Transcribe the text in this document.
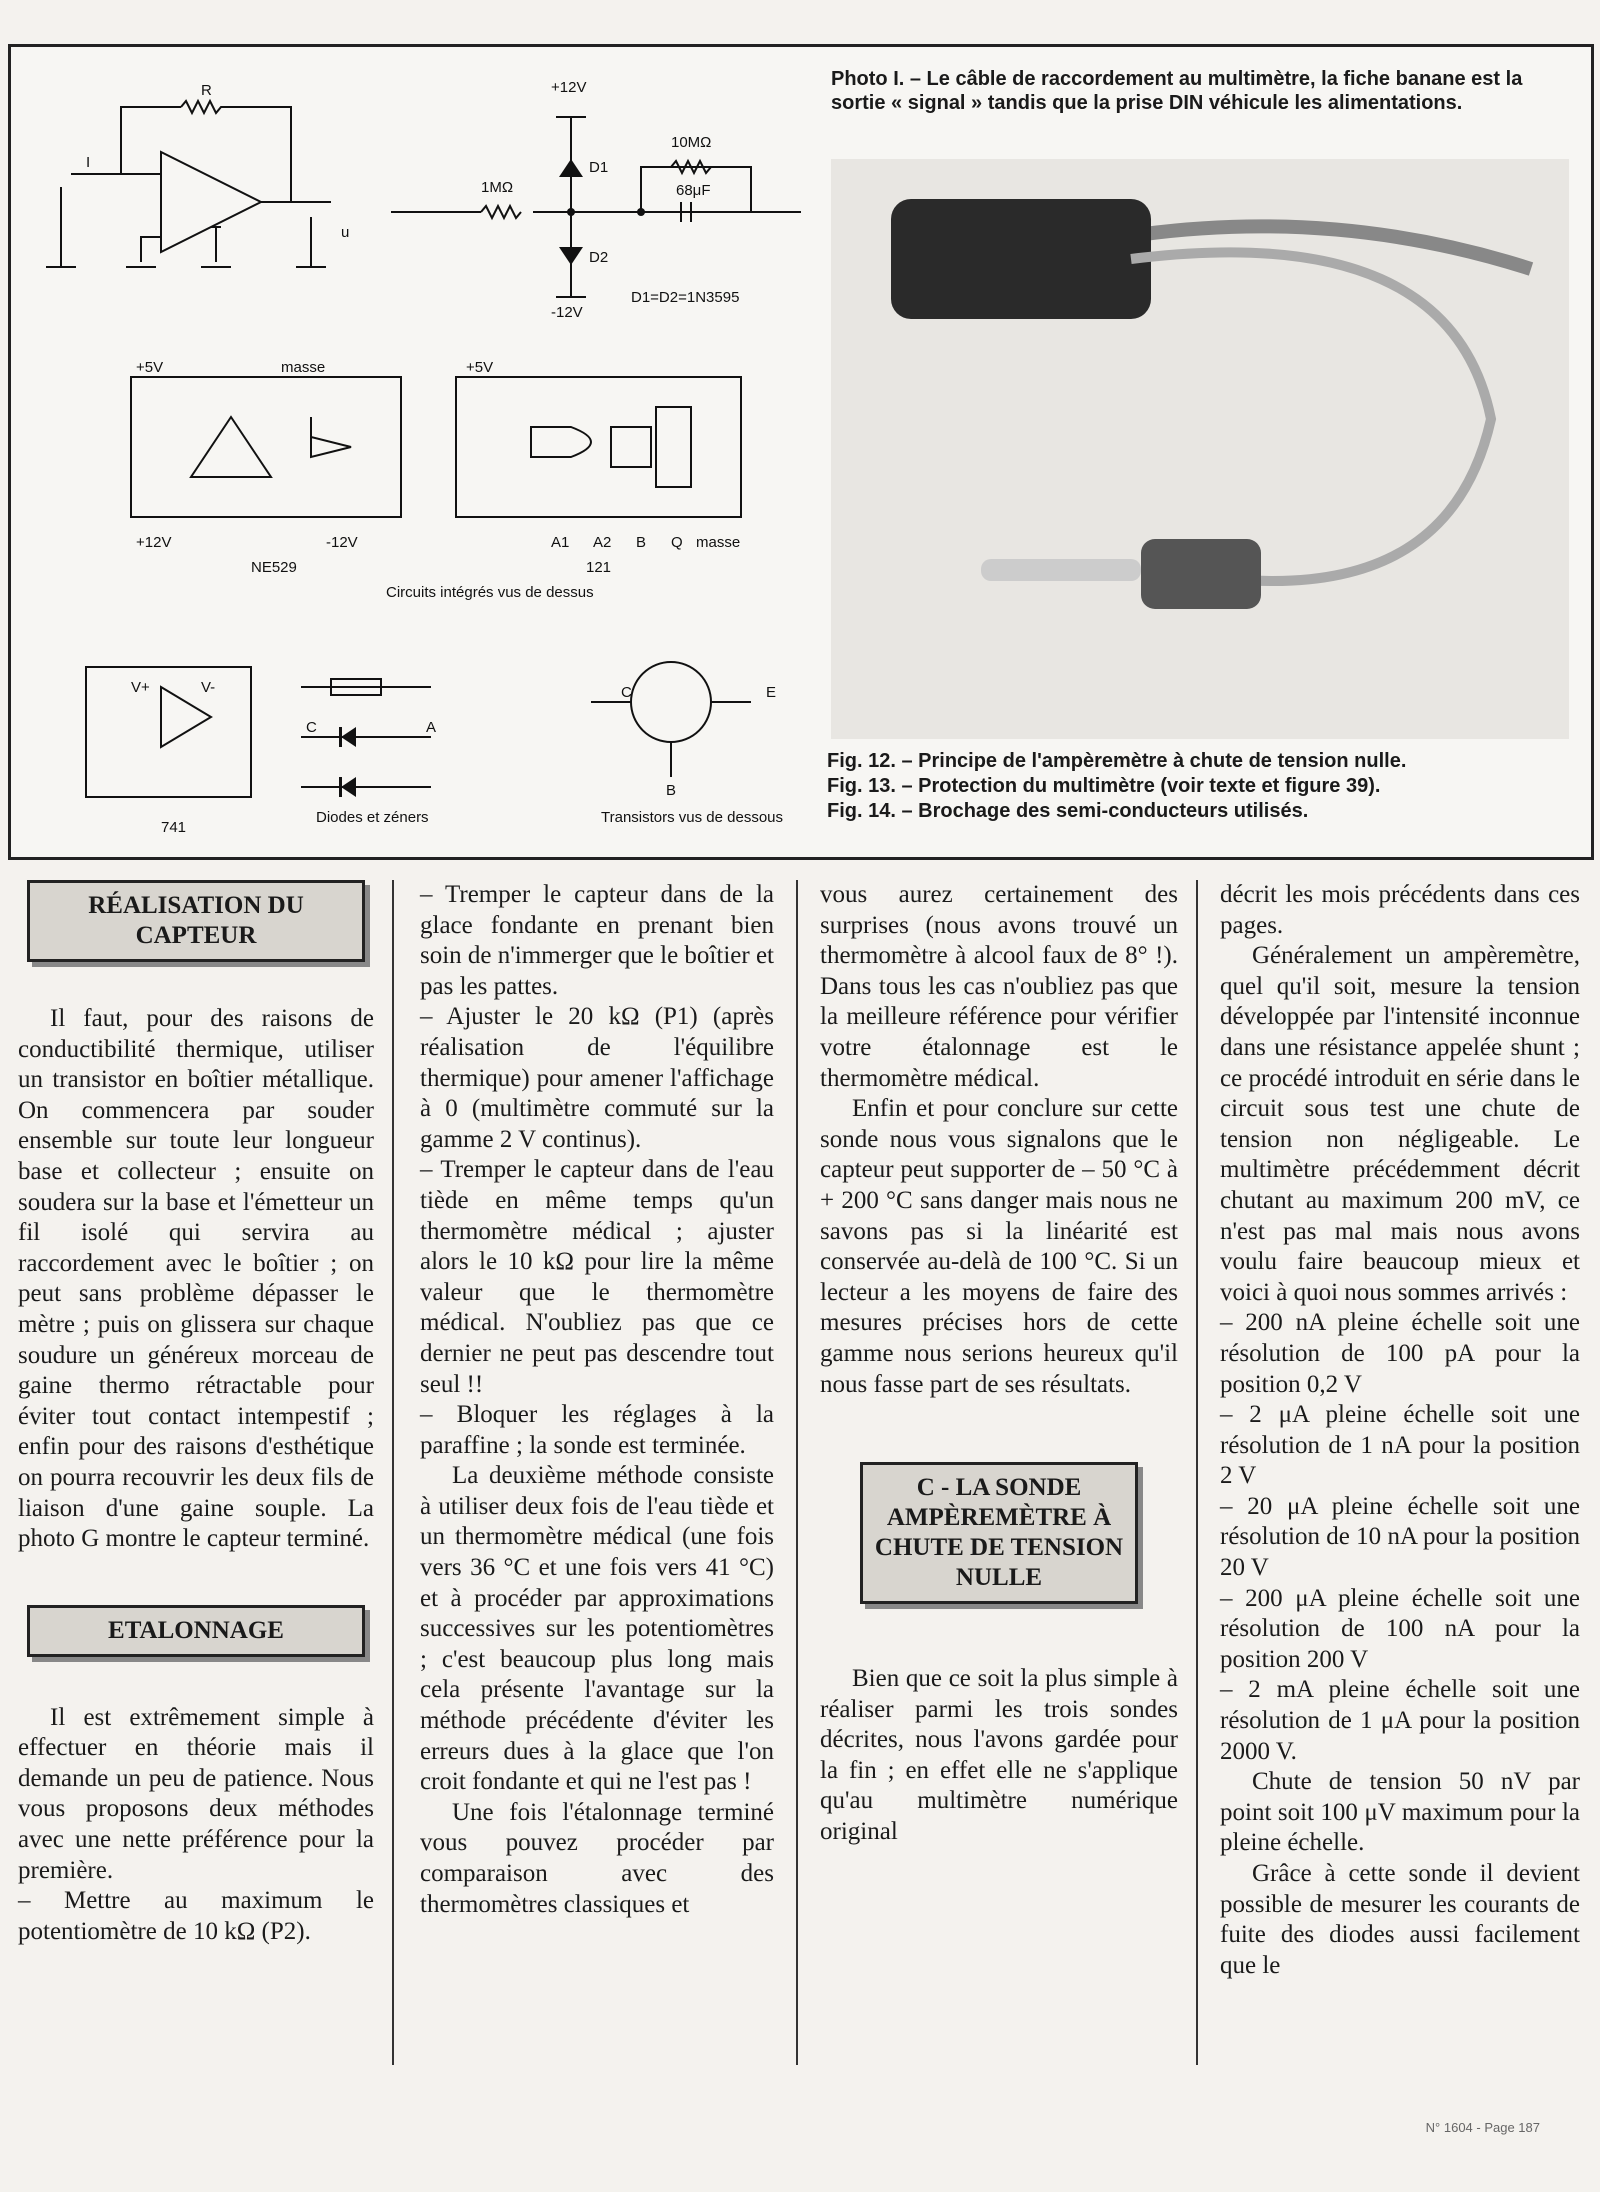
R
I
u
+12V
-12V
1MΩ
10MΩ
68μF
D1
D2
D1=D2=1N3595
+5V	masse
+12V	-12V
NE529
+5V
A1 A2 B Q masse
121
Circuits intégrés vus de dessus
V+	V-
741
C	A
Diodes et zéners
C	E
B
Transistors vus de dessous
Photo I. – Le câble de raccordement au multimètre, la fiche banane est la sortie « signal » tandis que la prise DIN véhicule les alimentations.
Fig. 12. – Principe de l'ampèremètre à chute de tension nulle.
Fig. 13. – Protection du multimètre (voir texte et figure 39).
Fig. 14. – Brochage des semi-conducteurs utilisés.
RÉALISATION DU CAPTEUR

Il faut, pour des raisons de conductibilité thermique, utiliser un transistor en boîtier métallique. On commencera par souder ensemble sur toute leur longueur base et collecteur ; ensuite on soudera sur la base et l'émetteur un fil isolé qui servira au raccordement avec le boîtier ; on peut sans problème dépasser le mètre ; puis on glissera sur chaque soudure un généreux morceau de gaine thermo rétractable pour éviter tout contact intempestif ; enfin pour des raisons d'esthétique on pourra recouvrir les deux fils de liaison d'une gaine souple. La photo G montre le capteur terminé.

ETALONNAGE

Il est extrêmement simple à effectuer en théorie mais il demande un peu de patience. Nous vous proposons deux méthodes avec une nette préférence pour la première.

– Mettre au maximum le potentiomètre de 10 kΩ (P2).

– Tremper le capteur dans de la glace fondante en prenant bien soin de n'immerger que le boîtier et pas les pattes.

– Ajuster le 20 kΩ (P1) (après réalisation de l'équilibre thermique) pour amener l'affichage à 0 (multimètre commuté sur la gamme 2 V continus).

– Tremper le capteur dans de l'eau tiède en même temps qu'un thermomètre médical ; ajuster alors le 10 kΩ pour lire la même valeur que le thermomètre médical. N'oubliez pas que ce dernier ne peut pas descendre tout seul !!

– Bloquer les réglages à la paraffine ; la sonde est terminée.

La deuxième méthode consiste à utiliser deux fois de l'eau tiède et un thermomètre médical (une fois vers 36 °C et une fois vers 41 °C) et à procéder par approximations successives sur les potentiomètres ; c'est beaucoup plus long mais cela présente l'avantage sur la méthode précédente d'éviter les erreurs dues à la glace que l'on croit fondante et qui ne l'est pas !

Une fois l'étalonnage terminé vous pouvez procéder par comparaison avec des thermomètres classiques et

vous aurez certainement des surprises (nous avons trouvé un thermomètre à alcool faux de 8° !). Dans tous les cas n'oubliez pas que la meilleure référence pour vérifier votre étalonnage est le thermomètre médical.

Enfin et pour conclure sur cette sonde nous vous signalons que le capteur peut supporter de – 50 °C à + 200 °C sans danger mais nous ne savons pas si la linéarité est conservée au-delà de 100 °C. Si un lecteur a les moyens de faire des mesures précises hors de cette gamme nous serions heureux qu'il nous fasse part de ses résultats.

C - LA SONDE AMPÈREMÈTRE À CHUTE DE TENSION NULLE

Bien que ce soit la plus simple à réaliser parmi les trois sondes décrites, nous l'avons gardée pour la fin ; en effet elle ne s'applique qu'au multimètre numérique original

décrit les mois précédents dans ces pages.

Généralement un ampèremètre, quel qu'il soit, mesure la tension développée par l'intensité inconnue dans une résistance appelée shunt ; ce procédé introduit en série dans le circuit sous test une chute de tension non négligeable. Le multimètre précédemment décrit chutant au maximum 200 mV, ce n'est pas mal mais nous avons voulu faire beaucoup mieux et voici à quoi nous sommes arrivés :

– 200 nA pleine échelle soit une résolution de 100 pA pour la position 0,2 V

– 2 μA pleine échelle soit une résolution de 1 nA pour la position 2 V

– 20 μA pleine échelle soit une résolution de 10 nA pour la position 20 V

– 200 μA pleine échelle soit une résolution de 100 nA pour la position 200 V

– 2 mA pleine échelle soit une résolution de 1 μA pour la position 2000 V.

Chute de tension 50 nV par point soit 100 μV maximum pour la pleine échelle.

Grâce à cette sonde il devient possible de mesurer les courants de fuite des diodes aussi facilement que le

N° 1604 - Page 187
